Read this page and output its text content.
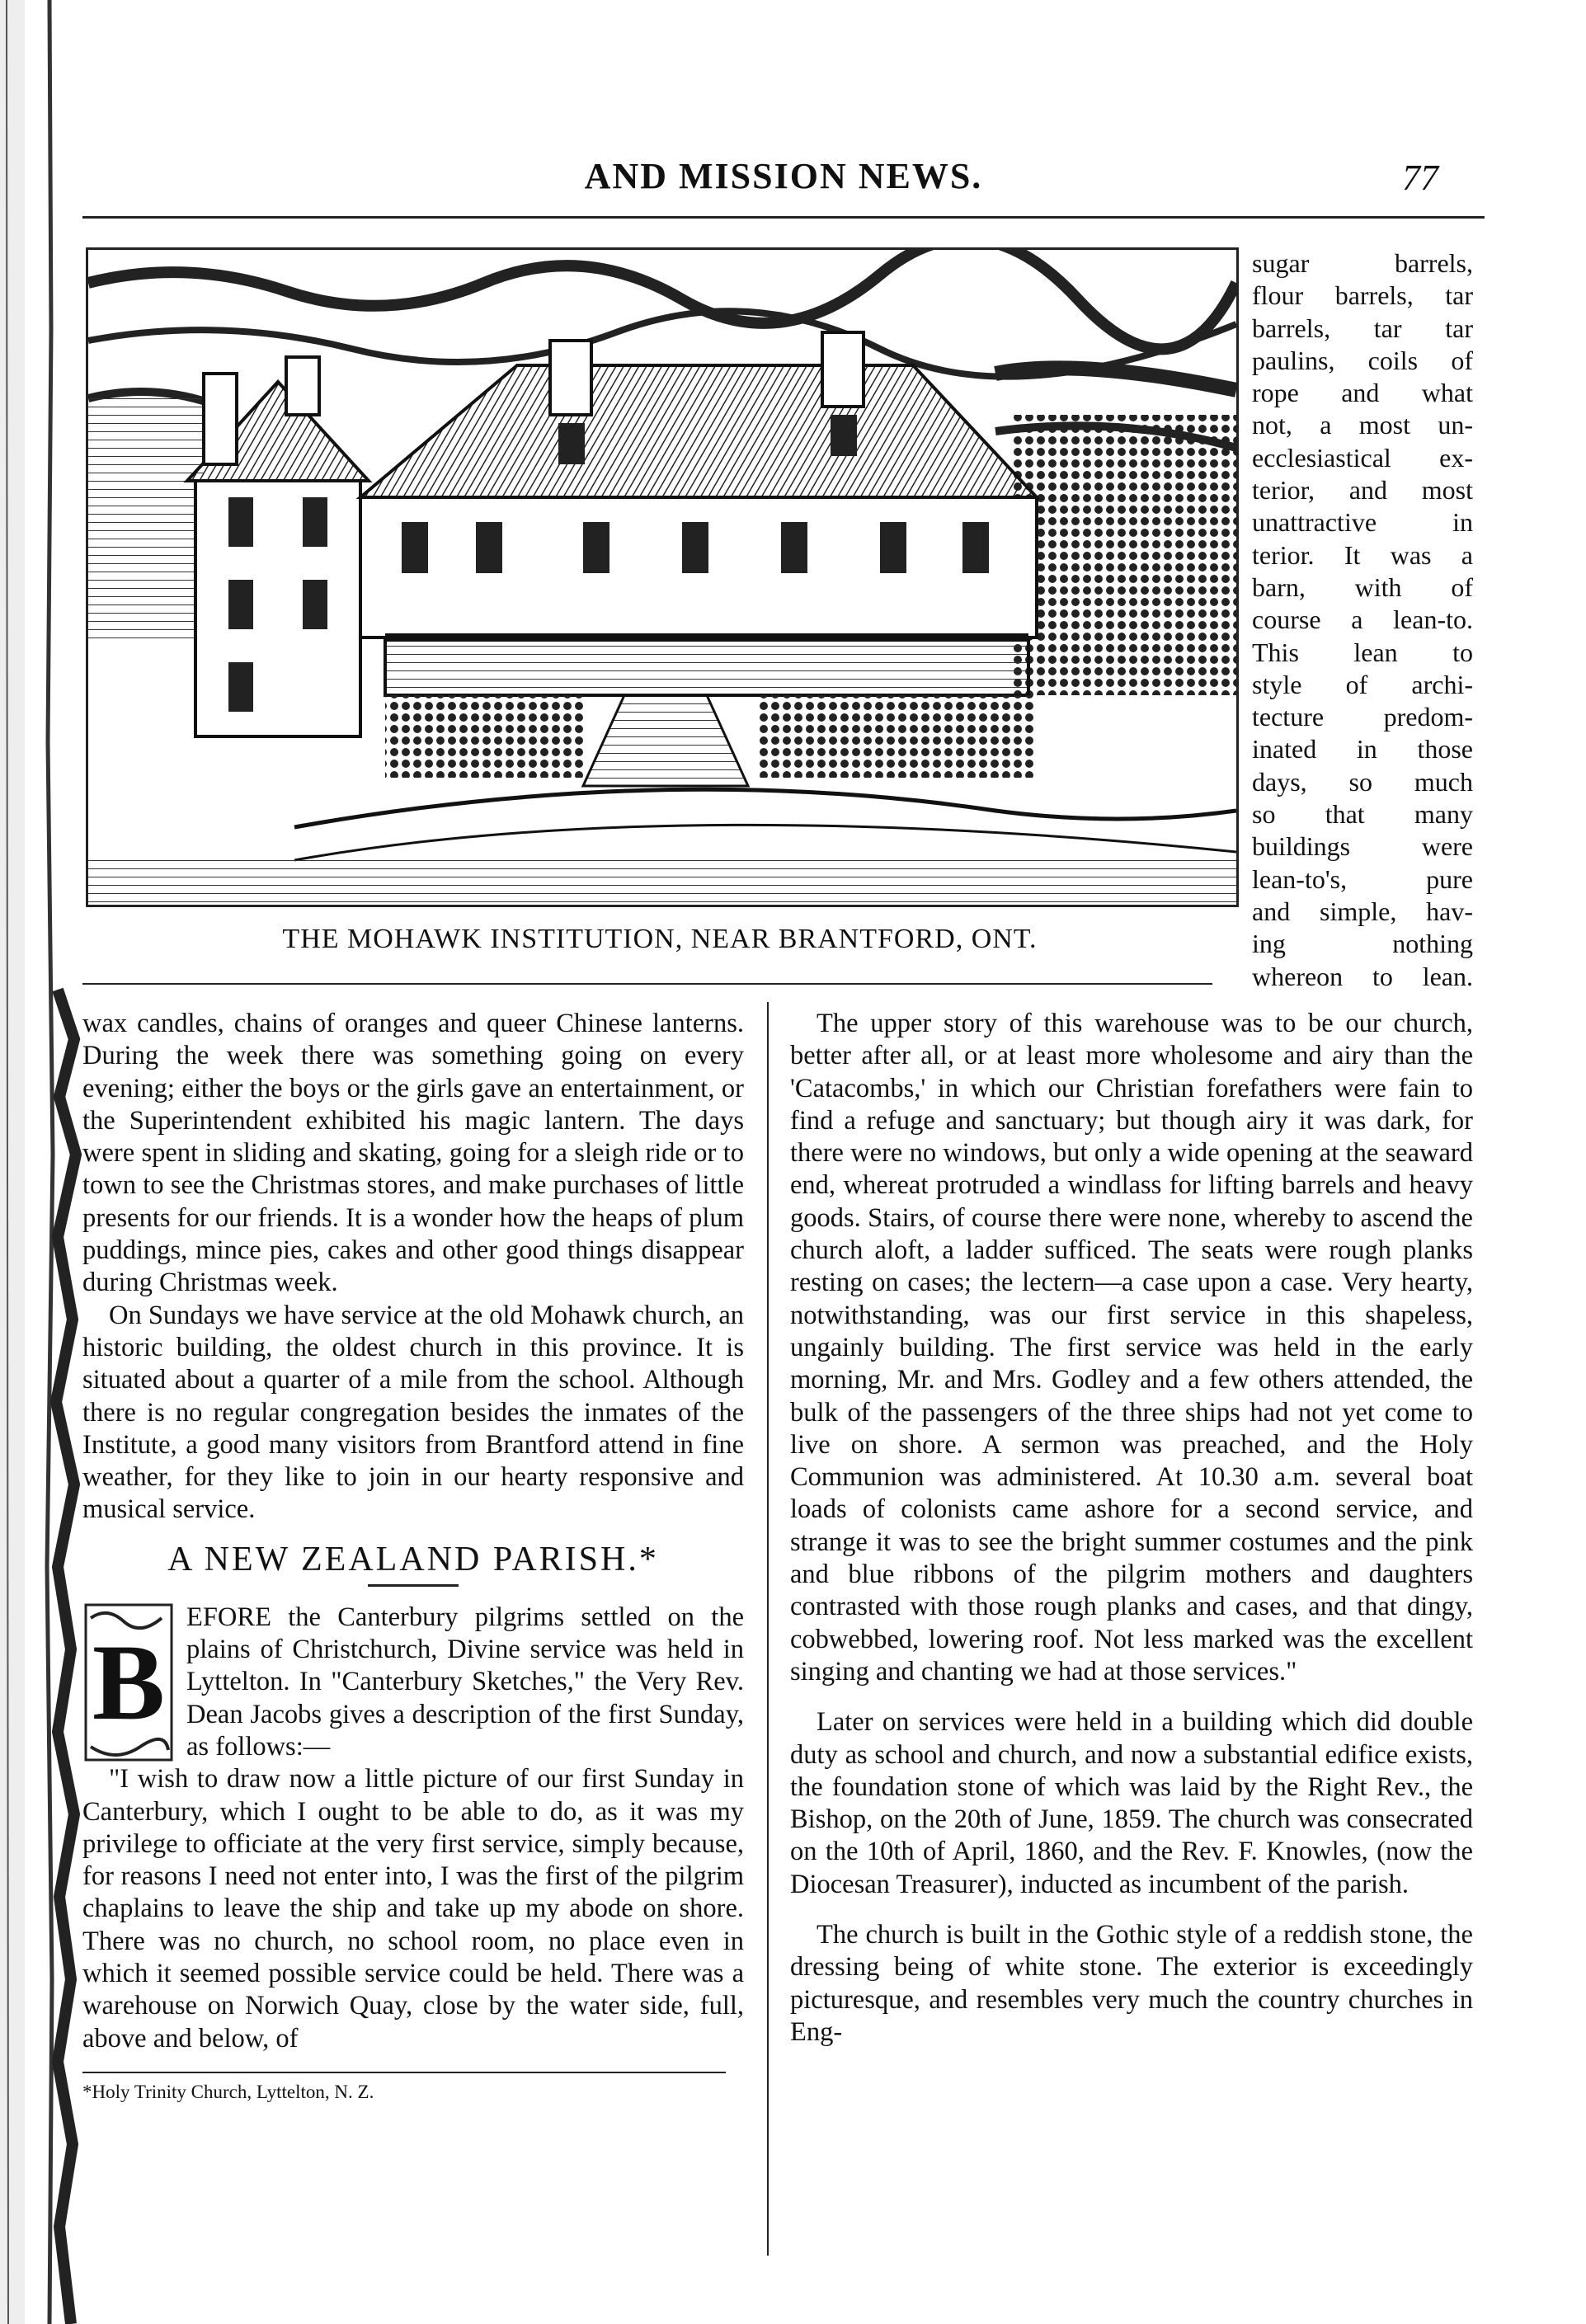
AND MISSION NEWS.	77

sugar barrels,
flour barrels, tar
barrels, tar tar
paulins, coils of
rope and what
not, a most un-
ecclesiastical ex-
terior, and most
unattractive in
terior. It was a
barn, with of
course a lean-to.
This lean to
style of archi-
tecture predom-
inated in those
days, so much
so that many
buildings were
lean-to's, pure
and simple, hav-
ing nothing
whereon to lean.

THE MOHAWK INSTITUTION, NEAR BRANTFORD, ONT.

wax candles, chains of oranges and queer Chinese lanterns. During the week there was something going on every evening; either the boys or the girls gave an entertainment, or the Superintendent exhibited his magic lantern. The days were spent in sliding and skating, going for a sleigh ride or to town to see the Christmas stores, and make purchases of little presents for our friends. It is a wonder how the heaps of plum puddings, mince pies, cakes and other good things disappear during Christmas week.

On Sundays we have service at the old Mohawk church, an historic building, the oldest church in this province. It is situated about a quarter of a mile from the school. Although there is no regular congregation besides the inmates of the Institute, a good many visitors from Brantford attend in fine weather, for they like to join in our hearty responsive and musical service.

A NEW ZEALAND PARISH.*
B

EFORE the Canterbury pilgrims settled on the plains of Christchurch, Divine service was held in Lyttelton. In "Canterbury Sketches," the Very Rev. Dean Jacobs gives a description of the first Sunday, as follows:—

"I wish to draw now a little picture of our first Sunday in Canterbury, which I ought to be able to do, as it was my privilege to officiate at the very first service, simply because, for reasons I need not enter into, I was the first of the pilgrim chaplains to leave the ship and take up my abode on shore. There was no church, no school room, no place even in which it seemed possible service could be held. There was a warehouse on Norwich Quay, close by the water side, full, above and below, of

*Holy Trinity Church, Lyttelton, N. Z.

The upper story of this warehouse was to be our church, better after all, or at least more wholesome and airy than the 'Catacombs,' in which our Christian forefathers were fain to find a refuge and sanctuary; but though airy it was dark, for there were no windows, but only a wide opening at the seaward end, whereat protruded a windlass for lifting barrels and heavy goods. Stairs, of course there were none, whereby to ascend the church aloft, a ladder sufficed. The seats were rough planks resting on cases; the lectern—a case upon a case. Very hearty, notwithstanding, was our first service in this shapeless, ungainly building. The first service was held in the early morning, Mr. and Mrs. Godley and a few others attended, the bulk of the passengers of the three ships had not yet come to live on shore. A sermon was preached, and the Holy Communion was administered. At 10.30 a.m. several boat loads of colonists came ashore for a second service, and strange it was to see the bright summer costumes and the pink and blue ribbons of the pilgrim mothers and daughters contrasted with those rough planks and cases, and that dingy, cobwebbed, lowering roof. Not less marked was the excellent singing and chanting we had at those services."

Later on services were held in a building which did double duty as school and church, and now a substantial edifice exists, the foundation stone of which was laid by the Right Rev., the Bishop, on the 20th of June, 1859. The church was consecrated on the 10th of April, 1860, and the Rev. F. Knowles, (now the Diocesan Treasurer), inducted as incumbent of the parish.

The church is built in the Gothic style of a reddish stone, the dressing being of white stone. The exterior is exceedingly picturesque, and resembles very much the country churches in Eng-
